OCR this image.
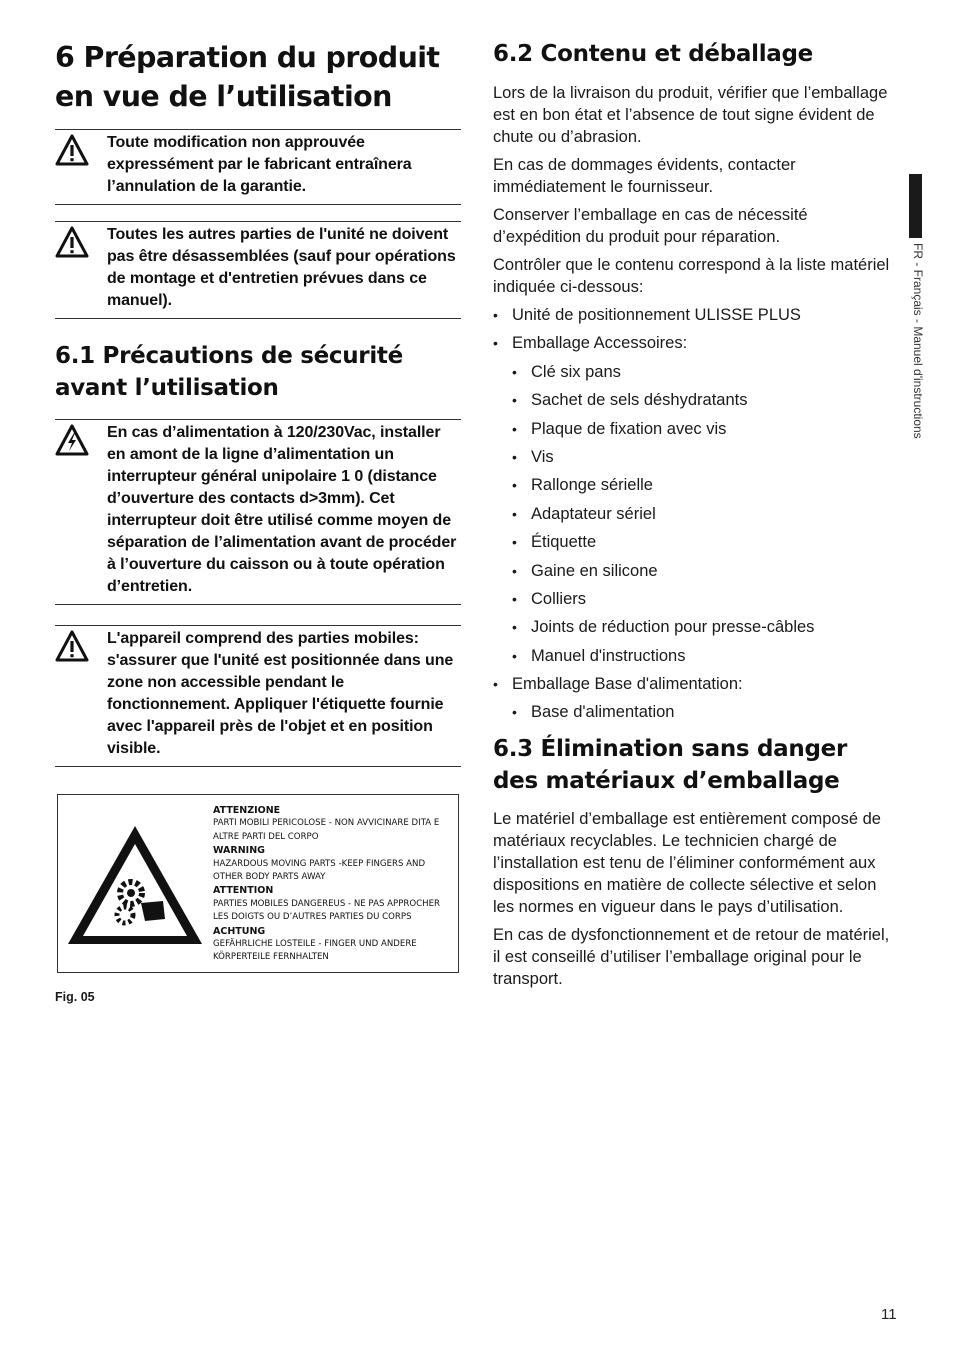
6 Préparation du produit en vue de l’utilisation
Toute modification non approuvée expressément par le fabricant entraînera l’annulation de la garantie.
Toutes les autres parties de l'unité ne doivent pas être désassemblées (sauf pour opérations de montage et d'entretien prévues dans ce manuel).
6.1 Précautions de sécurité avant l’utilisation
En cas d’alimentation à 120/230Vac, installer en amont de la ligne d’alimentation un interrupteur général unipolaire 1 0 (distance d’ouverture des contacts d>3mm). Cet interrupteur doit être utilisé comme moyen de séparation de l’alimentation avant de procéder à l’ouverture du caisson ou à toute opération d’entretien.
L'appareil comprend des parties mobiles: s'assurer que l'unité est positionnée dans une zone non accessible pendant le fonctionnement. Appliquer l'étiquette fournie avec l'appareil près de l'objet et en position visible.
ATTENZIONE
PARTI MOBILI PERICOLOSE - NON AVVICINARE DITA E
ALTRE PARTI DEL CORPO
WARNING
HAZARDOUS MOVING PARTS -KEEP FINGERS AND
OTHER BODY PARTS AWAY
ATTENTION
PARTIES MOBILES DANGEREUS - NE PAS APPROCHER
LES DOIGTS OU D’AUTRES PARTIES DU CORPS
ACHTUNG
GEFÄHRLICHE LOSTEILE - FINGER UND ANDERE
KÖRPERTEILE FERNHALTEN
Fig. 05
6.2 Contenu et déballage

Lors de la livraison du produit, vérifier que l’emballage est en bon état et l’absence de tout signe évident de chute ou d’abrasion.

En cas de dommages évidents, contacter immédiatement le fournisseur.

Conserver l’emballage en cas de nécessité d’expédition du produit pour réparation.

Contrôler que le contenu correspond à la liste matériel indiquée ci-dessous:

• Unité de positionnement ULISSE PLUS
• Emballage Accessoires:
• Clé six pans
• Sachet de sels déshydratants
• Plaque de fixation avec vis
• Vis
• Rallonge sérielle
• Adaptateur sériel
• Étiquette
• Gaine en silicone
• Colliers
• Joints de réduction pour presse-câbles
• Manuel d'instructions
• Emballage Base d'alimentation:
• Base d'alimentation
6.3 Élimination sans danger des matériaux d’emballage

Le matériel d’emballage est entièrement composé de matériaux recyclables. Le technicien chargé de l’installation est tenu de l’éliminer conformément aux dispositions en matière de collecte sélective et selon les normes en vigueur dans le pays d’utilisation.

En cas de dysfonctionnement et de retour de matériel, il est conseillé d’utiliser l’emballage original pour le transport.

FR - Français - Manuel d'instructions
11
